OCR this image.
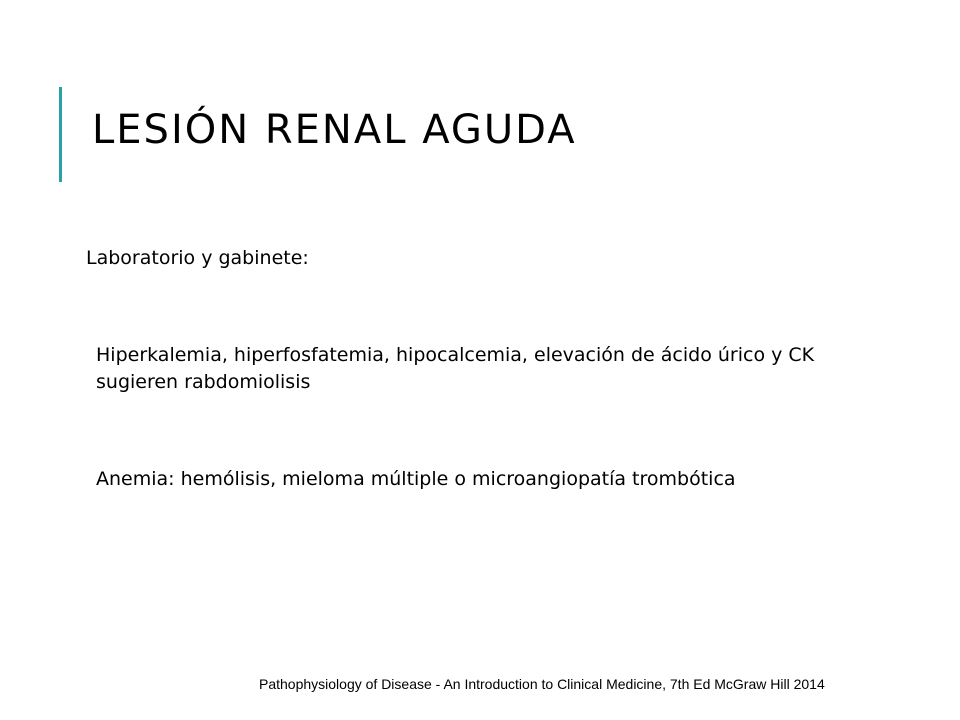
LESIÓN RENAL AGUDA

Laboratorio y gabinete:

Hiperkalemia, hiperfosfatemia, hipocalcemia, elevación de ácido úrico y CK sugieren rabdomiolisis

Anemia: hemólisis, mieloma múltiple o microangiopatía trombótica

Pathophysiology of Disease - An Introduction to Clinical Medicine, 7th Ed McGraw Hill 2014
